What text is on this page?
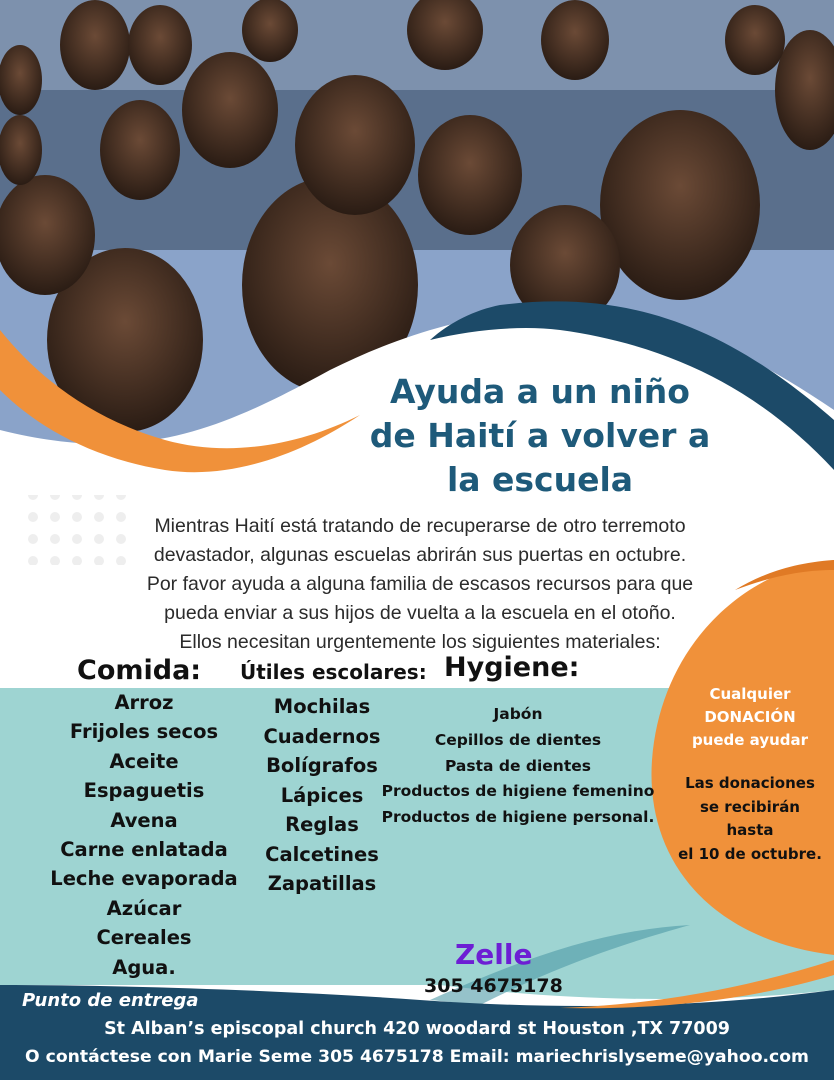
Ayuda a un niño
de Haití a volver a
la escuela

Mientras Haití está tratando de recuperarse de otro terremoto
devastador, algunas escuelas abrirán sus puertas en octubre.
Por favor ayuda a alguna familia de escasos recursos para que
pueda enviar a sus hijos de vuelta a la escuela en el otoño.
Ellos necesitan urgentemente los siguientes materiales:

Comida: Útiles escolares: Hygiene:
Arroz
Frijoles secos
Aceite
Espaguetis
Avena
Carne enlatada
Leche evaporada
Azúcar
Cereales
Agua.
Mochilas
Cuadernos
Bolígrafos
Lápices
Reglas
Calcetines
Zapatillas
Jabón
Cepillos de dientes
Pasta de dientes
Productos de higiene femenino
Productos de higiene personal.

Cualquier
DONACIÓN
puede ayudar

Las donaciones
se recibirán
hasta
el 10 de octubre.

Zelle

305 4675178

Punto de entrega

St Alban’s episcopal church 420 woodard st Houston ,TX 77009

O contáctese con Marie Seme 305 4675178 Email: mariechrislyseme@yahoo.com
